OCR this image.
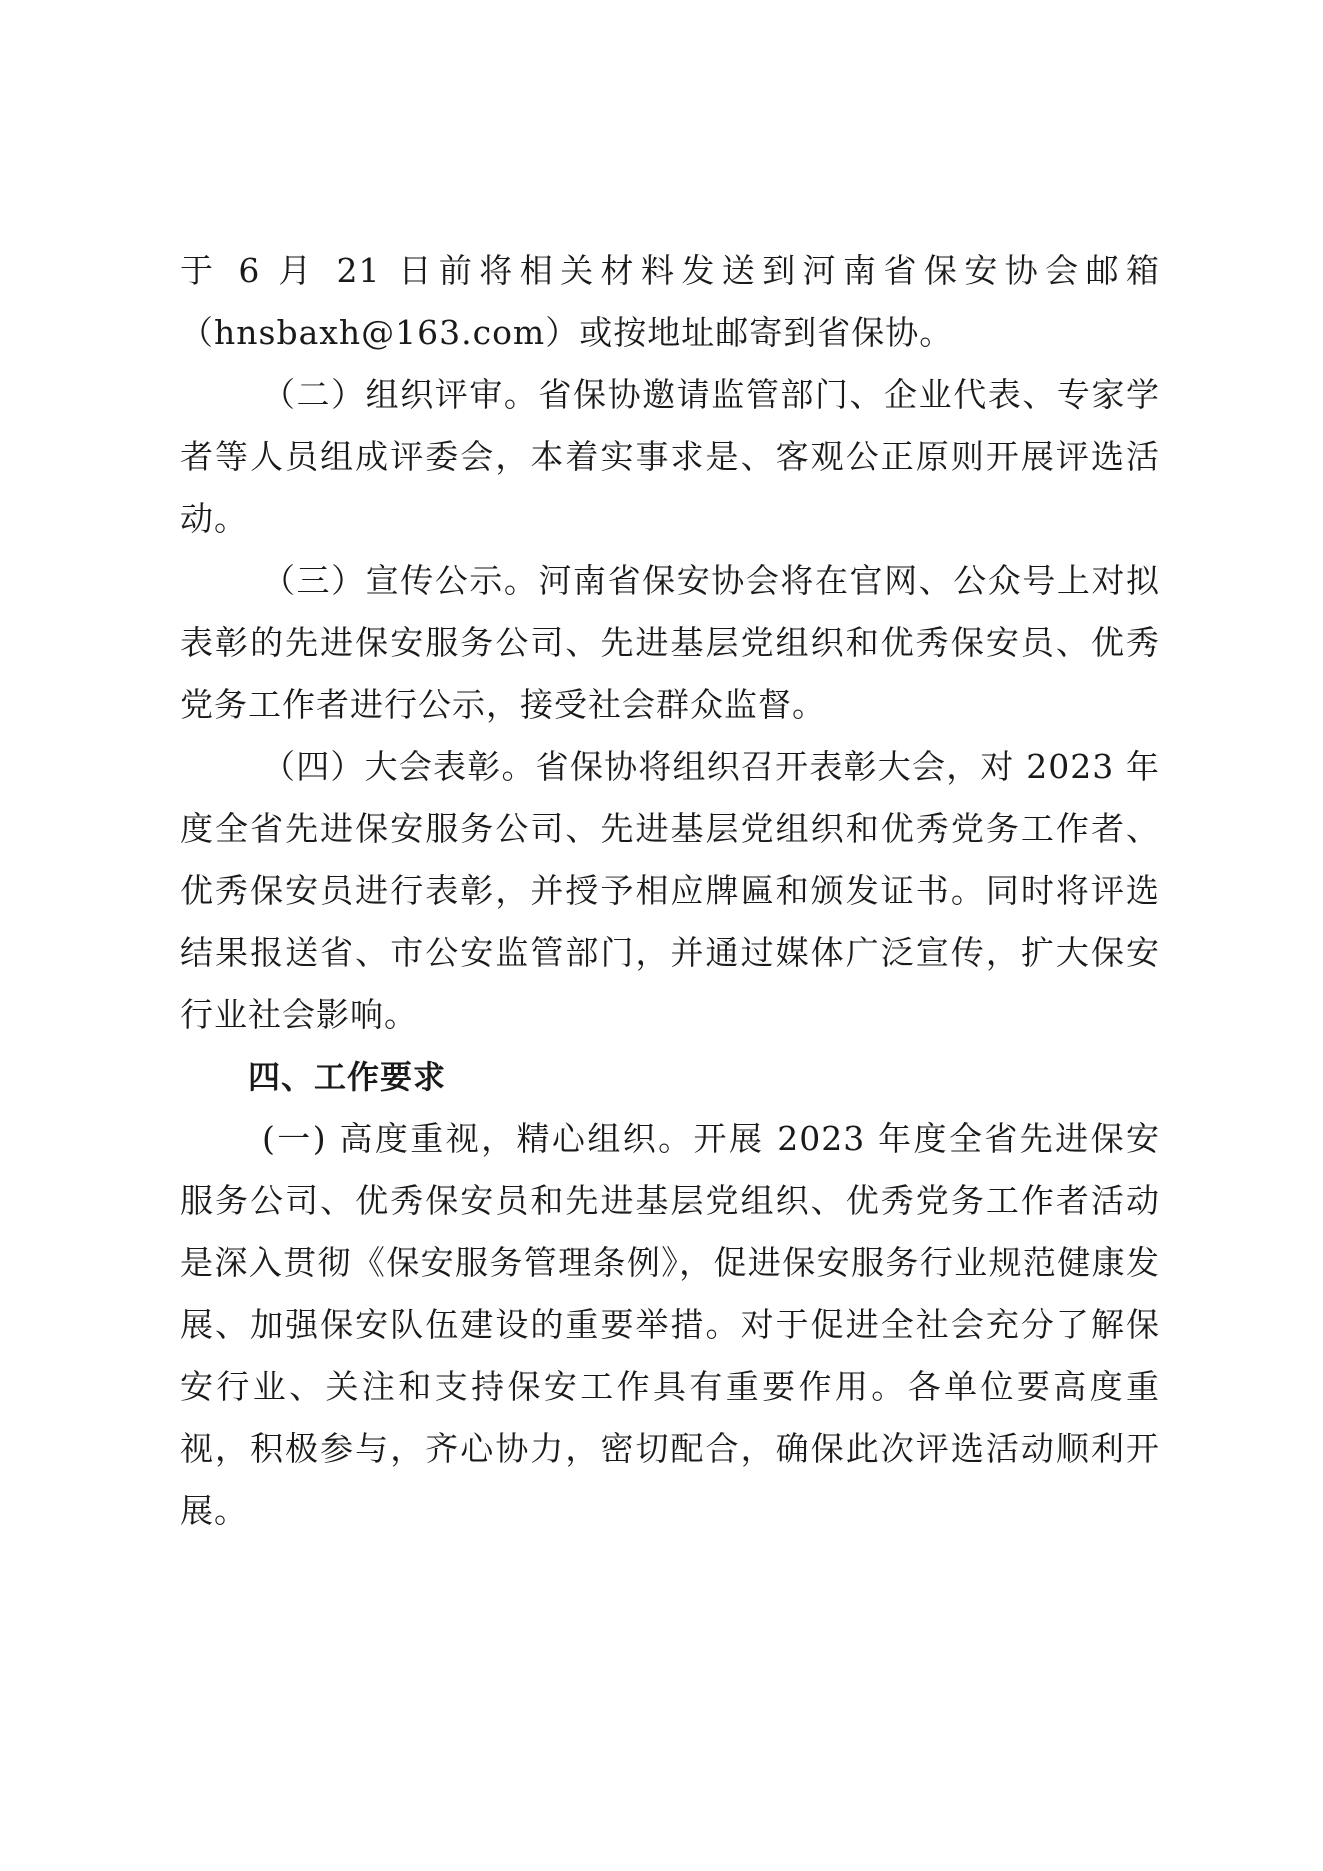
于 6 月 21 日前将相关材料发送到河南省保安协会邮箱（hnsbaxh@163.com）或按地址邮寄到省保协。

（二）组织评审。省保协邀请监管部门、企业代表、专家学者等人员组成评委会，本着实事求是、客观公正原则开展评选活动。

（三）宣传公示。河南省保安协会将在官网、公众号上对拟表彰的先进保安服务公司、先进基层党组织和优秀保安员、优秀党务工作者进行公示，接受社会群众监督。

（四）大会表彰。省保协将组织召开表彰大会，对 2023 年度全省先进保安服务公司、先进基层党组织和优秀党务工作者、优秀保安员进行表彰，并授予相应牌匾和颁发证书。同时将评选结果报送省、市公安监管部门，并通过媒体广泛宣传，扩大保安行业社会影响。

四、工作要求

(一) 高度重视，精心组织。开展 2023 年度全省先进保安服务公司、优秀保安员和先进基层党组织、优秀党务工作者活动是深入贯彻《保安服务管理条例》，促进保安服务行业规范健康发展、加强保安队伍建设的重要举措。对于促进全社会充分了解保安行业、关注和支持保安工作具有重要作用。各单位要高度重视，积极参与，齐心协力，密切配合，确保此次评选活动顺利开展。
